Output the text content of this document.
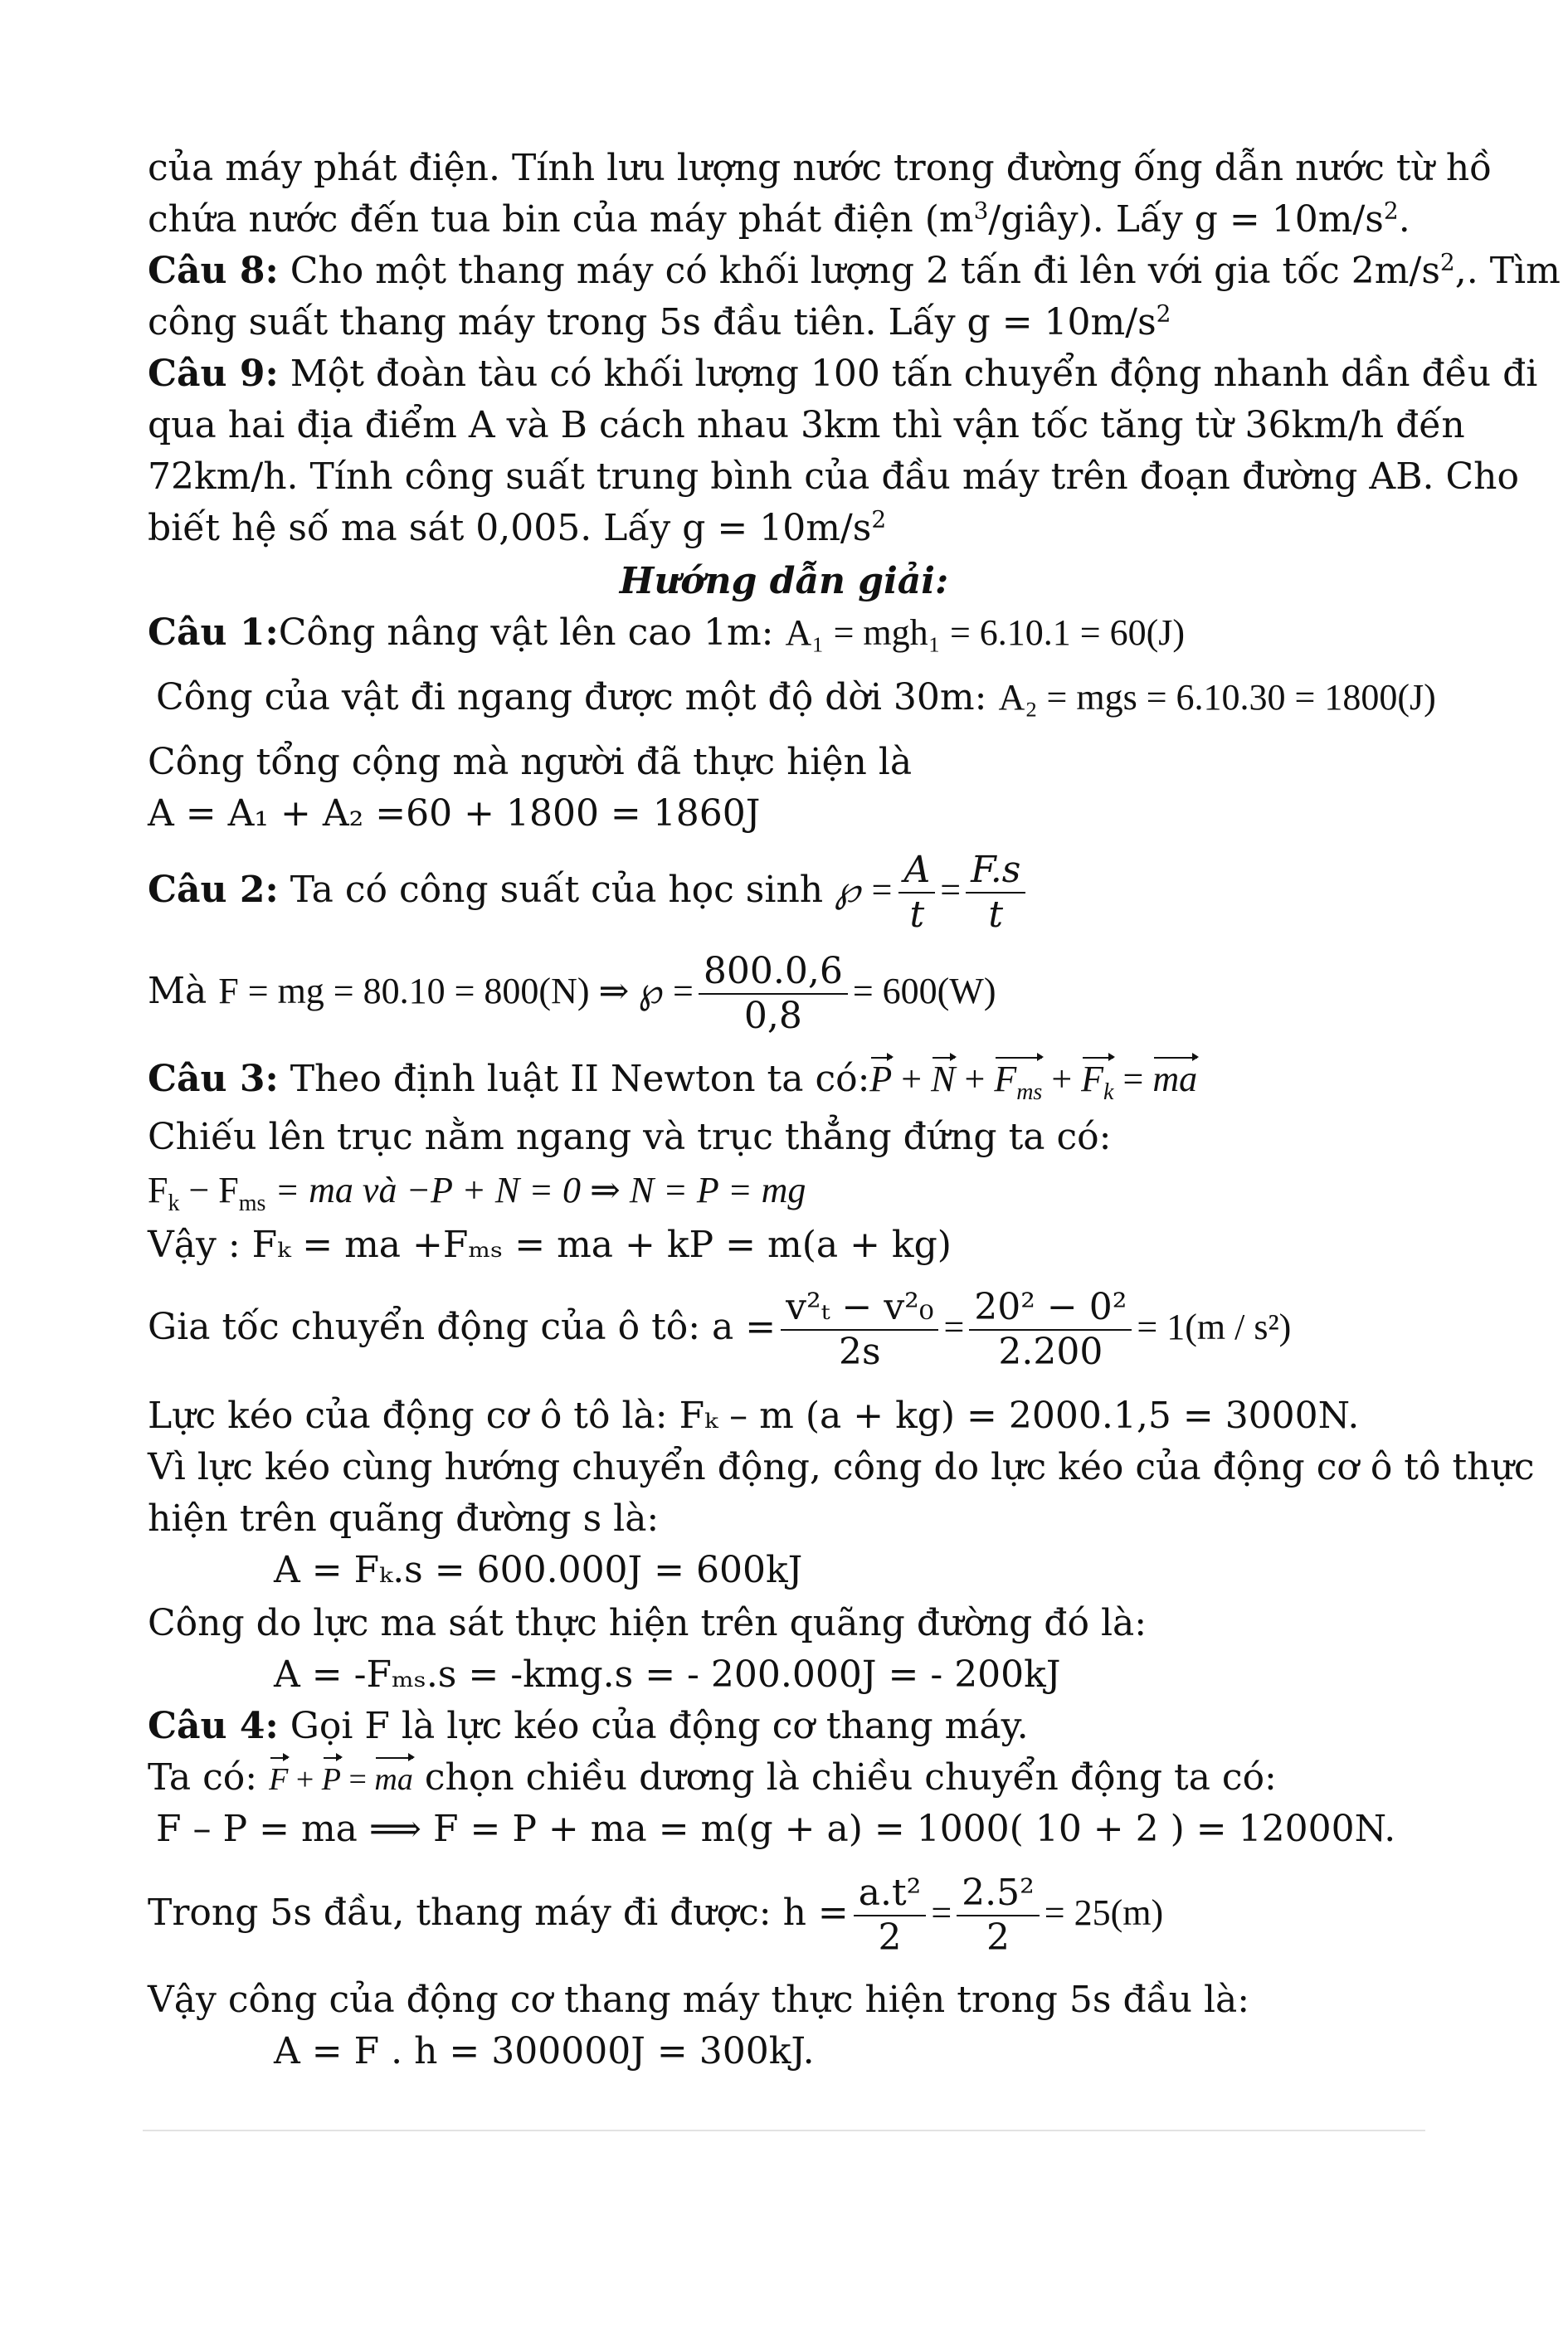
của máy phát điện. Tính lưu lượng nước trong đường ống dẫn nước từ hồ
chứa nước đến tua bin của máy phát điện $(m^3/giây)$. Lấy $g = 10m/s^2$.
Câu 8: Cho một thang máy có khối lượng 2 tấn đi lên với gia tốc $2m/s^2$,. Tìm
công suất thang máy trong 5s đầu tiên. Lấy $g = 10m/s^2$
Câu 9: Một đoàn tàu có khối lượng 100 tấn chuyển động nhanh dần đều đi
qua hai địa điểm A và B cách nhau 3km thì vận tốc tăng từ 36km/h đến
72km/h. Tính công suất trung bình của đầu máy trên đoạn đường AB. Cho
biết hệ số ma sát 0,005. Lấy $g = 10m/s^2$
Hướng dẫn giải:
Câu 1:Công nâng vật lên cao 1m: A₁ = mgh₁ = 6.10.1 = 60(J)
Công của vật đi ngang được một độ dời 30m: A₂ = mgs = 6.10.30 = 1800(J)
Công tổng cộng mà người đã thực hiện là
A = A₁ + A₂ =60 + 1800 = 1860J
Câu 2: Ta có công suất của học sinh ℘ = $\frac{A}{t} = \frac{F.s}{t}$
Mà F = mg = 80.10 = 800(N) ⇒ ℘ = $\frac{800.0,6}{0,8} = 600(W)$
Câu 3: Theo định luật II Newton ta có:P + $N + F_{ms} + F_k$ = ma
Chiếu lên trục nằm ngang và trục thẳng đứng ta có:
$F_k - F_{ms}$ = ma và −P + N = 0 ⇒ N = P = mg
Vậy : Fₖ = ma +Fₘₛ = ma + kP = m(a + kg)
Gia tốc chuyển động của ô tô: $a = \frac{\text{v²ₜ − v²₀}}{2s} = \frac{\text{20² − 0²}}{2.200} = 1(m / s^2)$
Lực kéo của động cơ ô tô là: Fₖ – m (a + kg) = 2000.1,5 = 3000N.
Vì lực kéo cùng hướng chuyển động, công do lực kéo của động cơ ô tô thực
hiện trên quãng đường s là:
A = Fₖ.s = 600.000J = 600kJ
Công do lực ma sát thực hiện trên quãng đường đó là:
A = -Fₘₛ.s = -kmg.s = - 200.000J = - 200kJ
Câu 4: Gọi F là lực kéo của động cơ thang máy.
Ta có: F + P = ma chọn chiều dương là chiều chuyển động ta có:
F – P = ma ⟹ F = P + ma = m(g + a) = 1000( 10 + 2 ) = 12000N.
Trong 5s đầu, thang máy đi được: $h = \frac{\text{a.t²}}{2} = \frac{\text{2.5²}}{2} = 25(m)$
Vậy công của động cơ thang máy thực hiện trong 5s đầu là:
A = F . h = 300000J = 300kJ.
